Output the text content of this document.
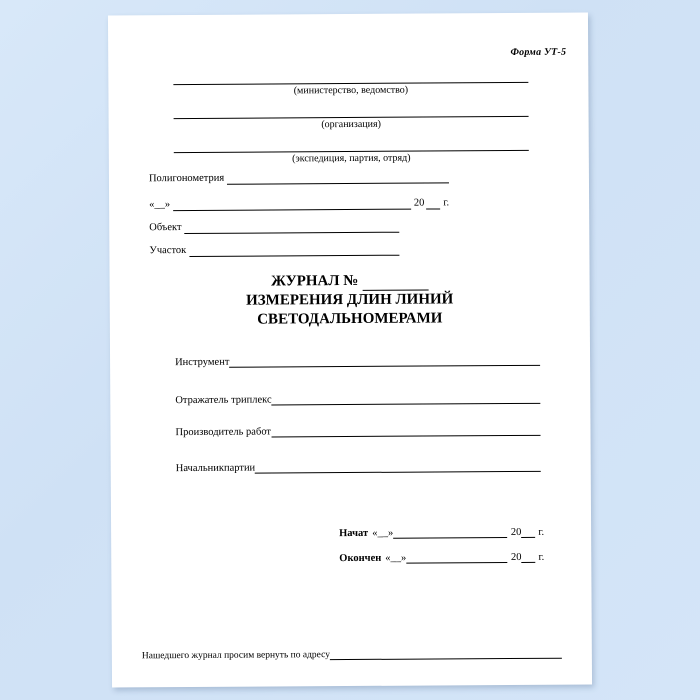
Форма УТ-5
(министерство, ведомство)
(организация)
(экспедиция, партия, отряд)
Полигонометрия
«__»	20 г.
Объект
Участок
ЖУРНАЛ №
ИЗМЕРЕНИЯ ДЛИН ЛИНИЙ
СВЕТОДАЛЬНОМЕРАМИ
Инструмент
Отражатель триплекс
Производитель работ
Начальникпартии
Начат «__»	20 г.
Окончен «__»	20 г.
Нашедшего журнал просим вернуть по адресу
